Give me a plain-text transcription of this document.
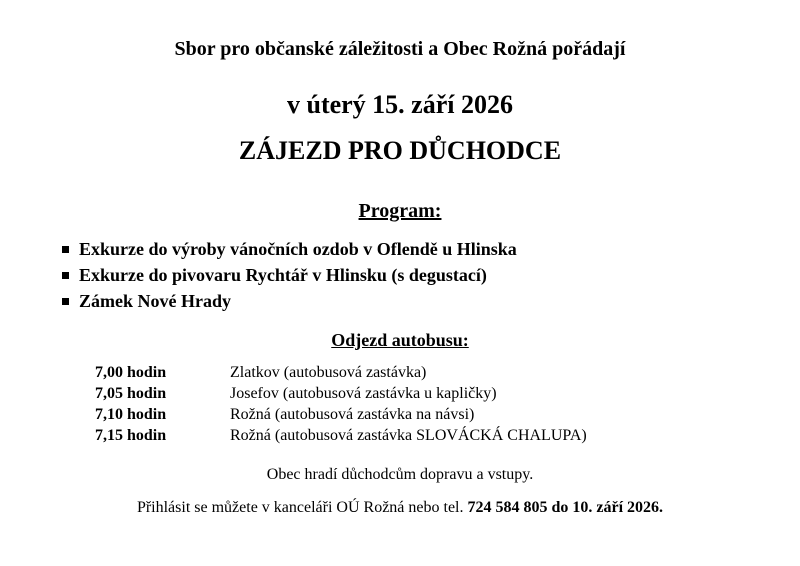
Sbor pro občanské záležitosti a Obec Rožná pořádají
v úterý 15. září 2026
ZÁJEZD PRO DŮCHODCE
Program:
Exkurze do výroby vánočních ozdob v Oflendě u Hlinska
Exkurze do pivovaru Rychtář v Hlinsku (s degustací)
Zámek Nové Hrady
Odjezd autobusu:
7,00 hodin	Zlatkov (autobusová zastávka)
7,05 hodin	Josefov (autobusová zastávka u kapličky)
7,10 hodin	Rožná (autobusová zastávka na návsi)
7,15 hodin	Rožná (autobusová zastávka SLOVÁCKÁ CHALUPA)
Obec hradí důchodcům dopravu a vstupy.
Přihlásit se můžete v kanceláři OÚ Rožná nebo tel. 724 584 805 do 10. září 2026.
